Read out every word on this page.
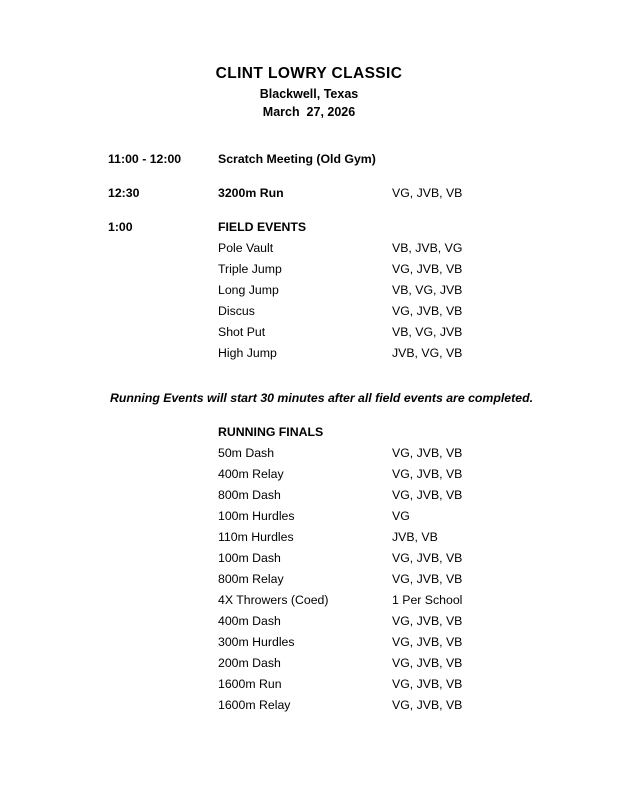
CLINT LOWRY CLASSIC
Blackwell, Texas
March  27, 2026
11:00 - 12:00	Scratch Meeting (Old Gym)
12:30	3200m Run	VG, JVB, VB
1:00	FIELD EVENTS
Pole Vault	VB, JVB, VG
Triple Jump	VG, JVB, VB
Long Jump	VB, VG, JVB
Discus	VG, JVB, VB
Shot Put	VB, VG, JVB
High Jump	JVB, VG, VB
Running Events will start 30 minutes after all field events are completed.
RUNNING FINALS
50m Dash	VG, JVB, VB
400m Relay	VG, JVB, VB
800m Dash	VG, JVB, VB
100m Hurdles	VG
110m Hurdles	JVB, VB
100m Dash	VG, JVB, VB
800m Relay	VG, JVB, VB
4X Throwers (Coed)	1 Per School
400m Dash	VG, JVB, VB
300m Hurdles	VG, JVB, VB
200m Dash	VG, JVB, VB
1600m Run	VG, JVB, VB
1600m Relay	VG, JVB, VB
